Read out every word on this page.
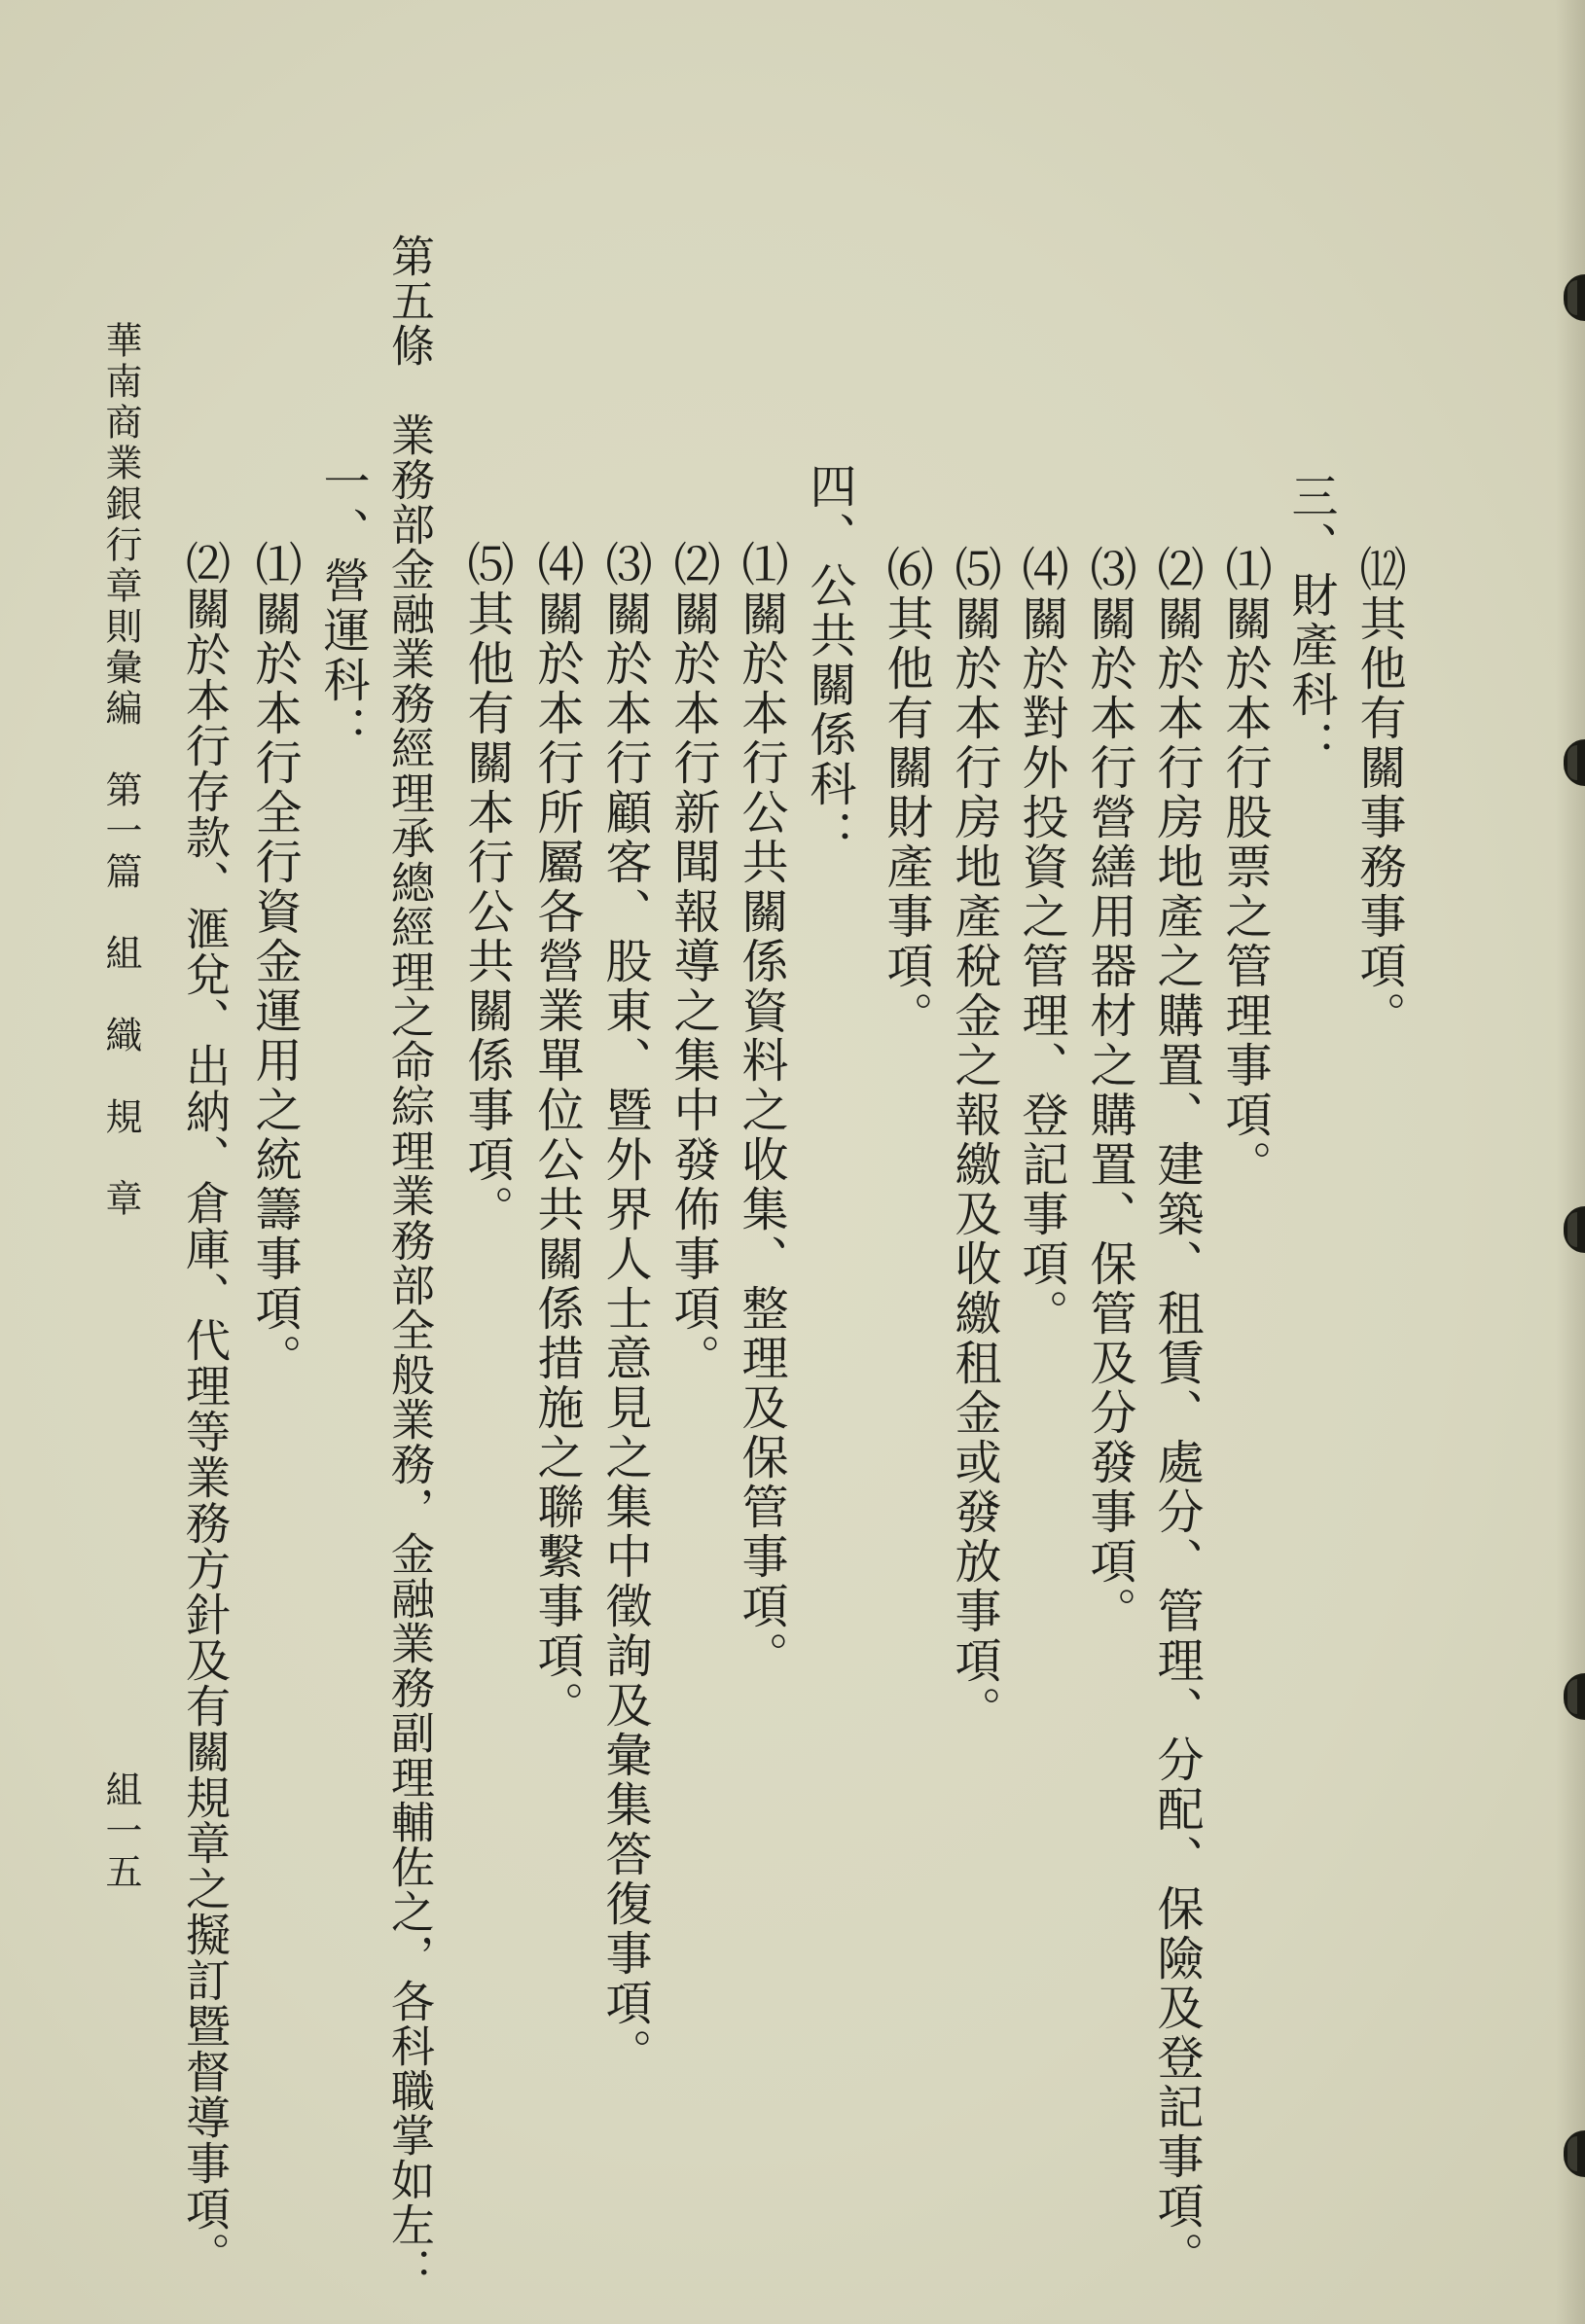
⑿其他有關事務事項。

三、財產科：

⑴關於本行股票之管理事項。

⑵關於本行房地產之購置、建築、租賃、處分、管理、分配、保險及登記事項。

⑶關於本行營繕用器材之購置、保管及分發事項。

⑷關於對外投資之管理、登記事項。

⑸關於本行房地產稅金之報繳及收繳租金或發放事項。

⑹其他有關財產事項。

四、公共關係科：

⑴關於本行公共關係資料之收集、整理及保管事項。

⑵關於本行新聞報導之集中發佈事項。

⑶關於本行顧客、股東、暨外界人士意見之集中徵詢及彙集答復事項。

⑷關於本行所屬各營業單位公共關係措施之聯繫事項。

⑸其他有關本行公共關係事項。

第五條　業務部金融業務經理承總經理之命綜理業務部全般業務，金融業務副理輔佐之，各科職掌如左：

一、營運科：

⑴關於本行全行資金運用之統籌事項。

⑵關於本行存款、滙兌、出納、倉庫、代理等業務方針及有關規章之擬訂暨督導事項。

華南商業銀行章則彙編　第一篇　組　織　規　章

組一五
